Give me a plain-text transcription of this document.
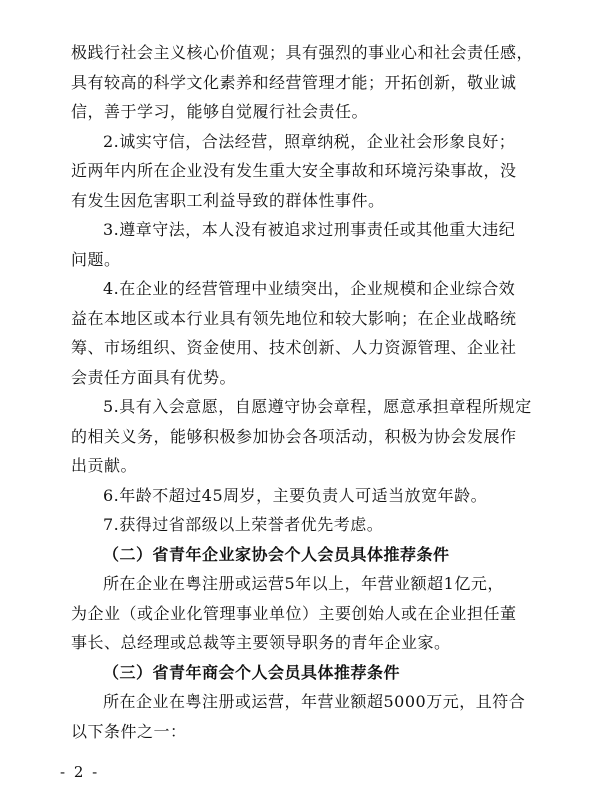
极践行社会主义核心价值观；具有强烈的事业心和社会责任感，
具有较高的科学文化素养和经营管理才能；开拓创新，敬业诚
信，善于学习，能够自觉履行社会责任。
2.诚实守信，合法经营，照章纳税，企业社会形象良好；
近两年内所在企业没有发生重大安全事故和环境污染事故，没
有发生因危害职工利益导致的群体性事件。
3.遵章守法，本人没有被追求过刑事责任或其他重大违纪
问题。
4.在企业的经营管理中业绩突出，企业规模和企业综合效
益在本地区或本行业具有领先地位和较大影响；在企业战略统
筹、市场组织、资金使用、技术创新、人力资源管理、企业社
会责任方面具有优势。
5.具有入会意愿，自愿遵守协会章程，愿意承担章程所规定
的相关义务，能够积极参加协会各项活动，积极为协会发展作
出贡献。
6.年龄不超过45周岁，主要负责人可适当放宽年龄。
7.获得过省部级以上荣誉者优先考虑。
（二）省青年企业家协会个人会员具体推荐条件
所在企业在粤注册或运营5年以上，年营业额超1亿元，
为企业（或企业化管理事业单位）主要创始人或在企业担任董
事长、总经理或总裁等主要领导职务的青年企业家。
（三）省青年商会个人会员具体推荐条件
所在企业在粤注册或运营，年营业额超5000万元，且符合
以下条件之一：
- 2 -
